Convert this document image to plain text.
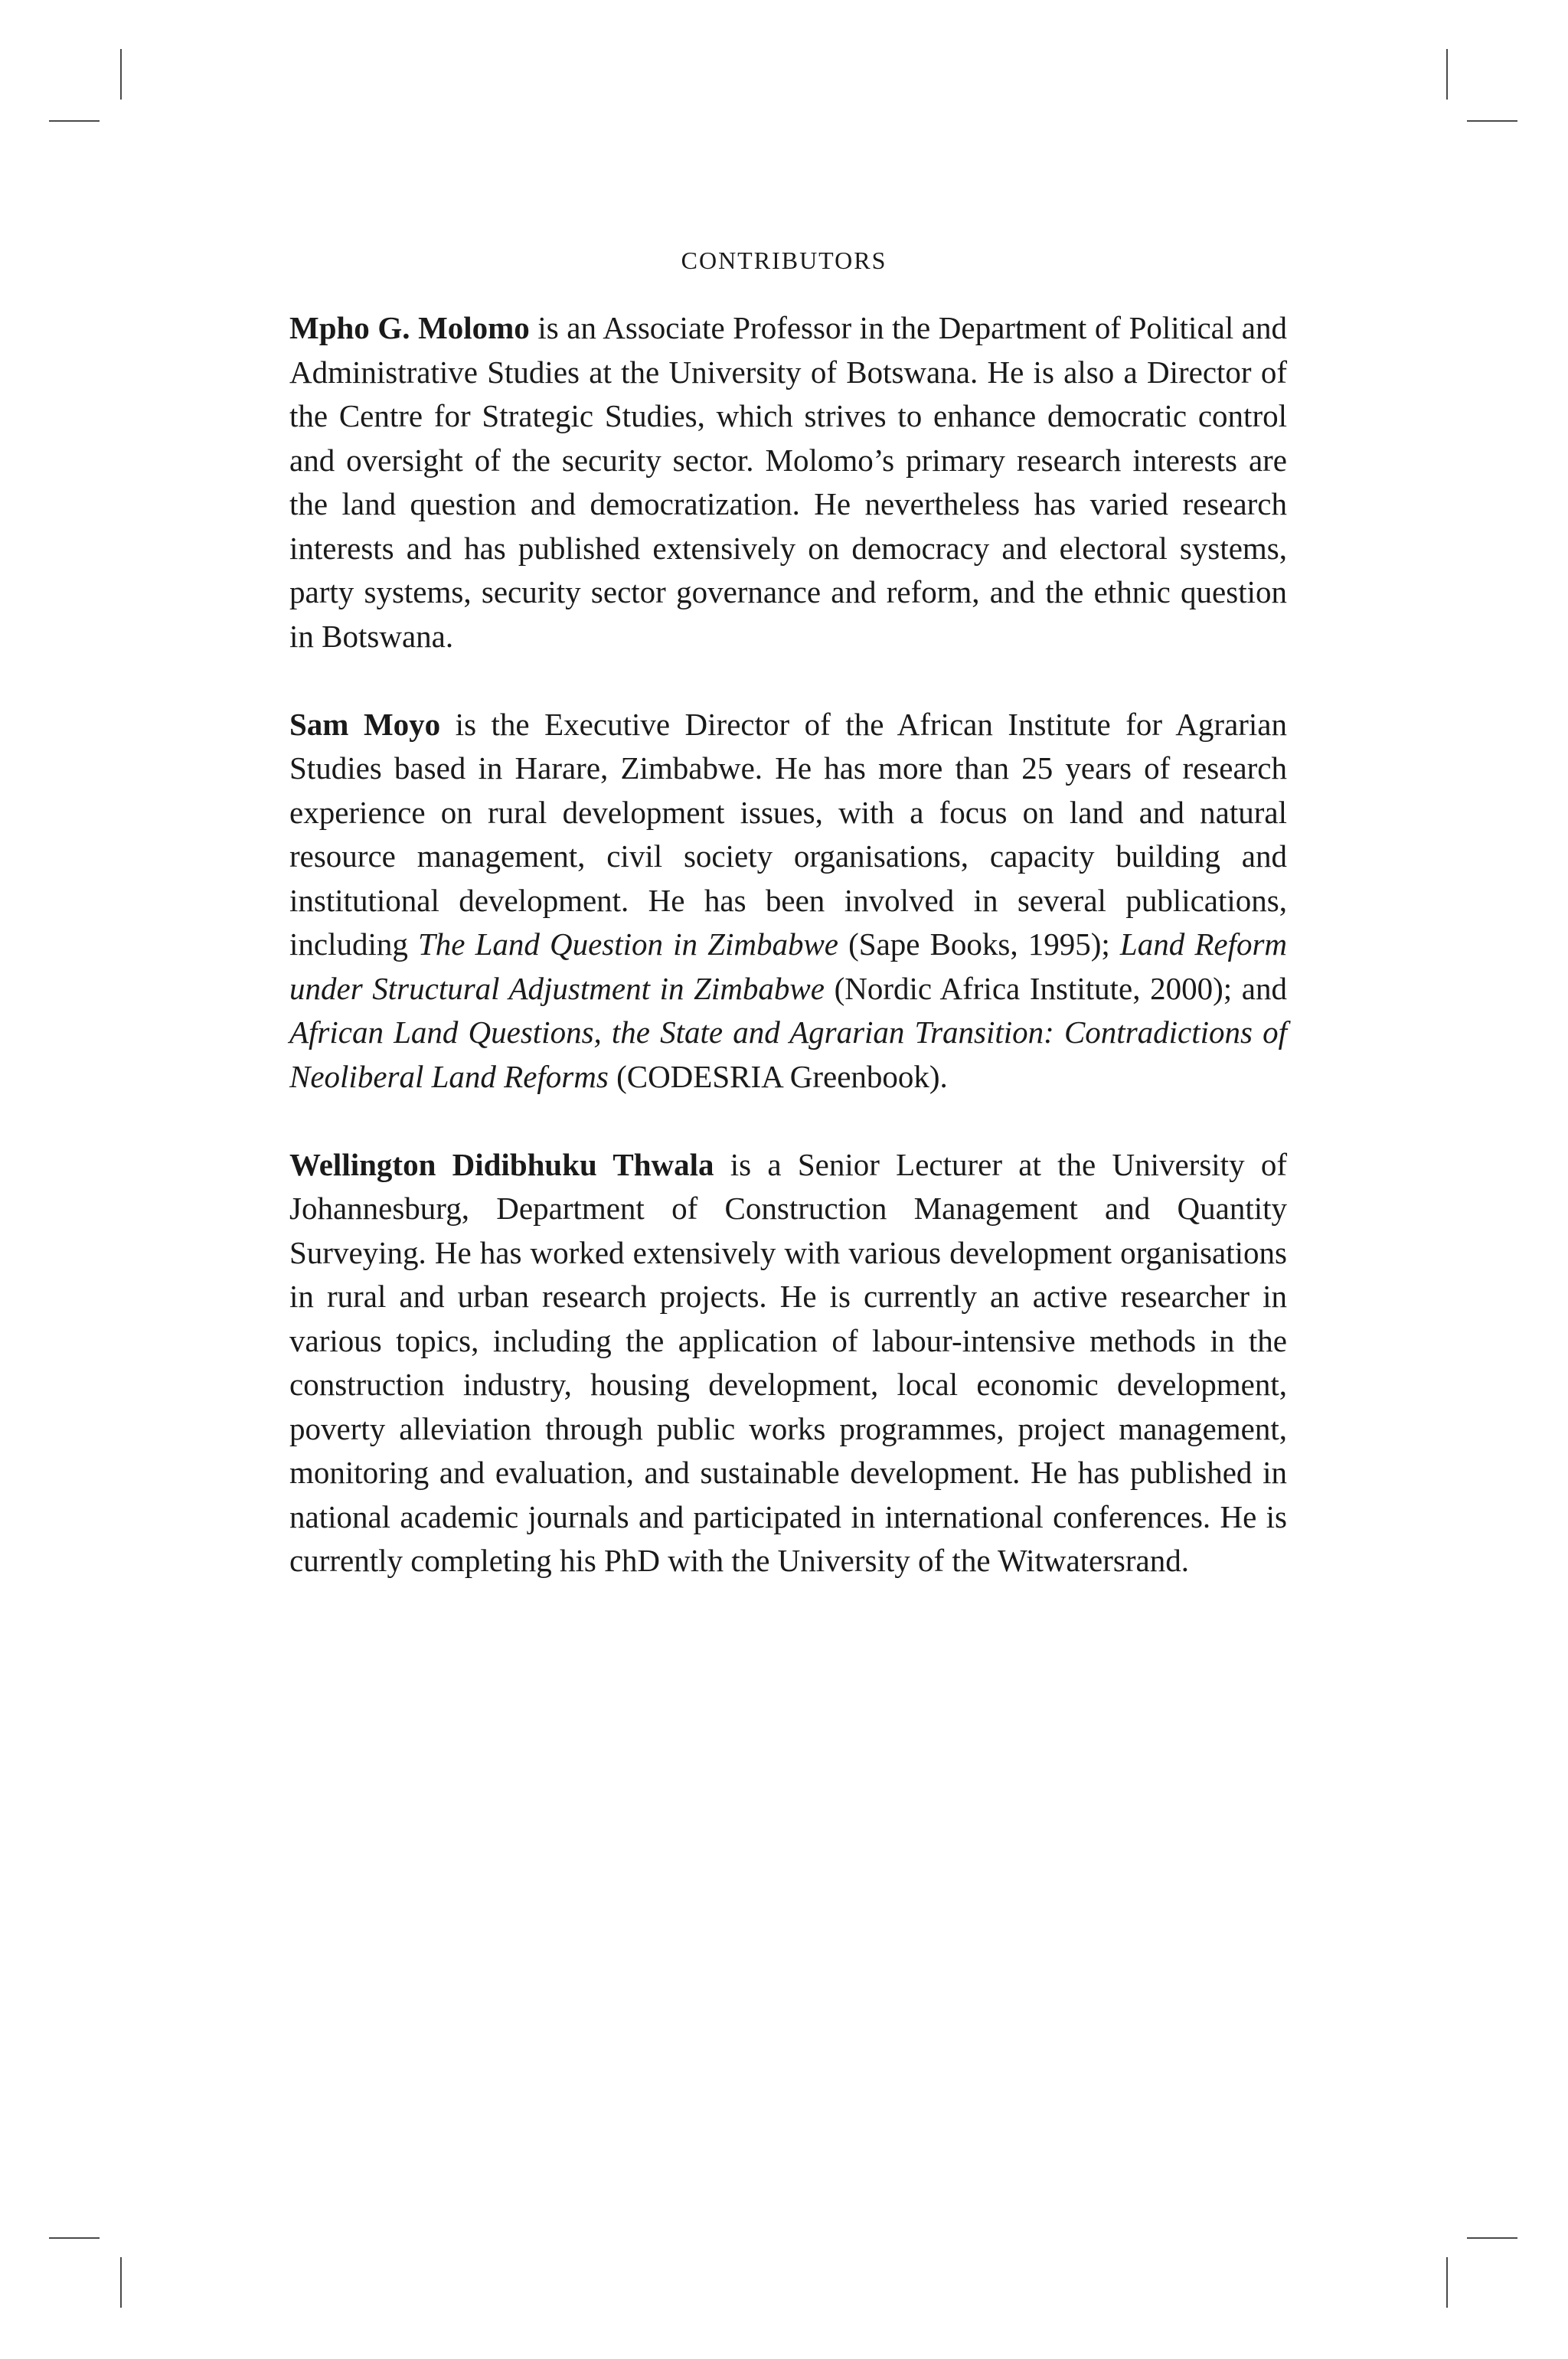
CONTRIBUTORS

Mpho G. Molomo is an Associate Professor in the Department of Political and Administrative Studies at the University of Botswana. He is also a Director of the Centre for Strategic Studies, which strives to enhance democratic control and oversight of the security sector. Molomo’s primary research interests are the land question and democratization. He nevertheless has varied research interests and has published extensively on democracy and electoral systems, party systems, security sector governance and reform, and the ethnic question in Botswana.

Sam Moyo is the Executive Director of the African Institute for Agrarian Studies based in Harare, Zimbabwe. He has more than 25 years of research experience on rural development issues, with a focus on land and natural resource management, civil society organisations, capacity building and institutional development. He has been involved in several publications, including The Land Question in Zimbabwe (Sape Books, 1995); Land Reform under Structural Adjustment in Zimbabwe (Nordic Africa Institute, 2000); and African Land Questions, the State and Agrarian Transition: Contradictions of Neoliberal Land Reforms (CODESRIA Greenbook).

Wellington Didibhuku Thwala is a Senior Lecturer at the University of Johannesburg, Department of Construction Management and Quantity Surveying. He has worked extensively with various development organisations in rural and urban research projects. He is currently an active researcher in various topics, including the application of labour-intensive methods in the construction industry, housing development, local economic development, poverty alleviation through public works programmes, project management, monitoring and evaluation, and sustainable development. He has published in national academic journals and participated in international conferences. He is currently completing his PhD with the University of the Witwatersrand.
